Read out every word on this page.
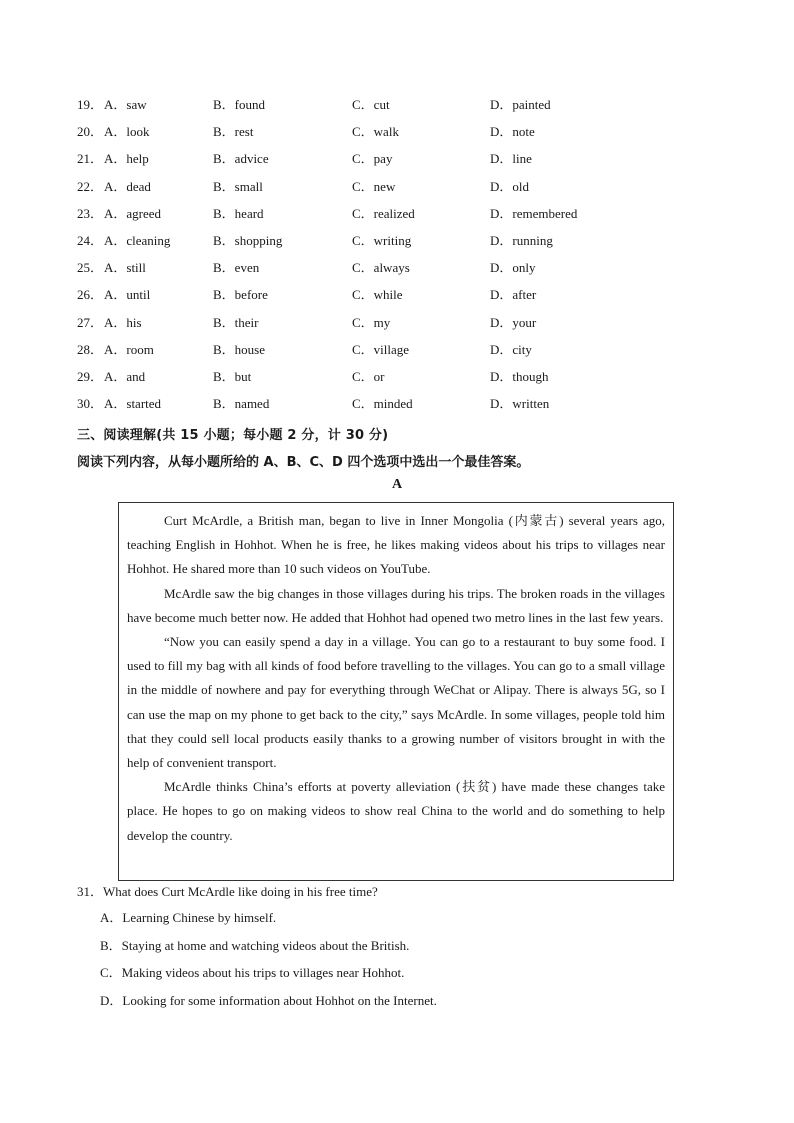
19． A．saw	B．found	C．cut	D．painted
20． A．look	B．rest	C．walk	D．note
21． A．help	B．advice	C．pay	D．line
22． A．dead	B．small	C．new	D．old
23． A．agreed	B．heard	C．realized	D．remembered
24． A．cleaning	B．shopping	C．writing	D．running
25． A．still	B．even	C．always	D．only
26． A．until	B．before	C．while	D．after
27． A．his	B．their	C．my	D．your
28． A．room	B．house	C．village	D．city
29． A．and	B．but	C．or	D．though
30． A．started	B．named	C．minded	D．written
三、阅读理解(共 15 小题；每小题 2 分，计 30 分)
阅读下列内容，从每小题所给的 A、B、C、D 四个选项中选出一个最佳答案。
A

Curt McArdle, a British man, began to live in Inner Mongolia (内蒙古) several years ago, teaching English in Hohhot. When he is free, he likes making videos about his trips to villages near Hohhot. He shared more than 10 such videos on YouTube.

McArdle saw the big changes in those villages during his trips. The broken roads in the villages have become much better now. He added that Hohhot had opened two metro lines in the last few years.

“Now you can easily spend a day in a village. You can go to a restaurant to buy some food. I used to fill my bag with all kinds of food before travelling to the villages. You can go to a small village in the middle of nowhere and pay for everything through WeChat or Alipay. There is always 5G, so I can use the map on my phone to get back to the city,” says McArdle. In some villages, people told him that they could sell local products easily thanks to a growing number of visitors brought in with the help of convenient transport.

McArdle thinks China’s efforts at poverty alleviation (扶贫) have made these changes take place. He hopes to go on making videos to show real China to the world and do something to help develop the country.

31．What does Curt McArdle like doing in his free time?
A．Learning Chinese by himself.
B．Staying at home and watching videos about the British.
C．Making videos about his trips to villages near Hohhot.
D．Looking for some information about Hohhot on the Internet.
